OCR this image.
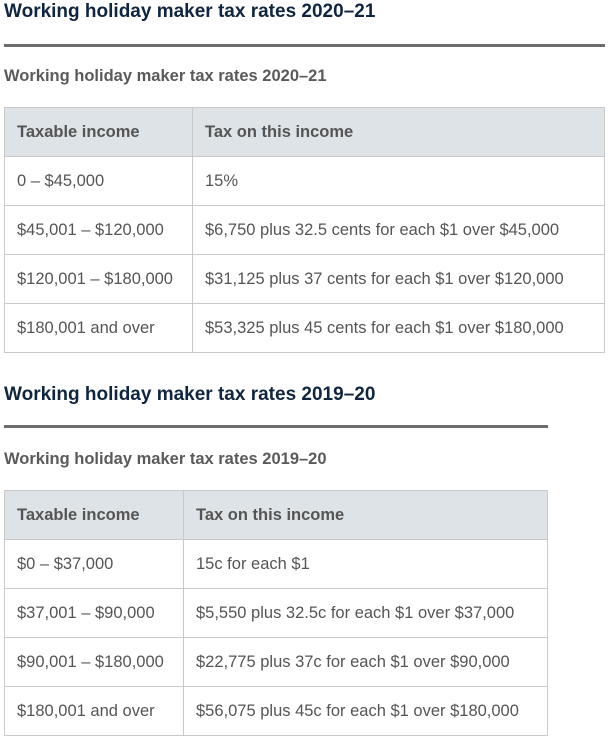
Working holiday maker tax rates 2020–21
Working holiday maker tax rates 2020–21
Taxable income	Tax on this income
0 – $45,000	15%
$45,001 – $120,000	$6,750 plus 32.5 cents for each $1 over $45,000
$120,001 – $180,000	$31,125 plus 37 cents for each $1 over $120,000
$180,001 and over	$53,325 plus 45 cents for each $1 over $180,000
Working holiday maker tax rates 2019–20
Working holiday maker tax rates 2019–20
Taxable income	Tax on this income
$0 – $37,000	15c for each $1
$37,001 – $90,000	$5,550 plus 32.5c for each $1 over $37,000
$90,001 – $180,000	$22,775 plus 37c for each $1 over $90,000
$180,001 and over	$56,075 plus 45c for each $1 over $180,000
